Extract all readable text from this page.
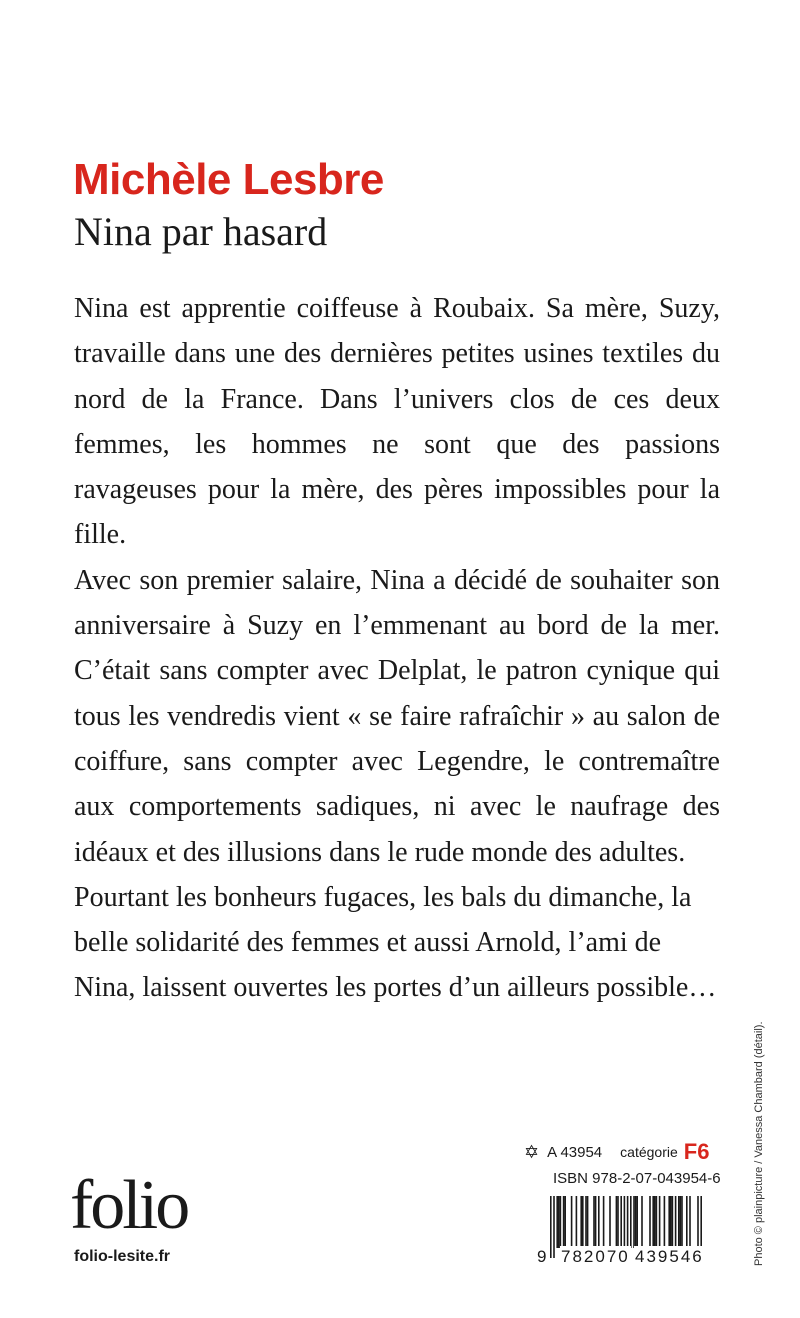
Michèle Lesbre
Nina par hasard

Nina est apprentie coiffeuse à Roubaix. Sa mère, Suzy, travaille dans une des dernières petites usines textiles du nord de la France. Dans l’univers clos de ces deux femmes, les hommes ne sont que des passions ravageuses pour la mère, des pères impossibles pour la fille.

Avec son premier salaire, Nina a décidé de souhaiter son anniversaire à Suzy en l’emmenant au bord de la mer. C’était sans compter avec Delplat, le patron cynique qui tous les vendredis vient « se faire rafraîchir » au salon de coiffure, sans compter avec Legendre, le contremaître aux comportements sadiques, ni avec le naufrage des idéaux et des illusions dans le rude monde des adultes.

Pourtant les bonheurs fugaces, les bals du dimanche, la belle solidarité des femmes et aussi Arnold, l’ami de Nina, laissent ouvertes les portes d’un ailleurs possible…

Photo © plainpicture / Vanessa Chambard (détail).
folio
folio-lesite.fr
✡ A 43954 catégorie F6
ISBN 978-2-07-043954-6
9 782070 439546
